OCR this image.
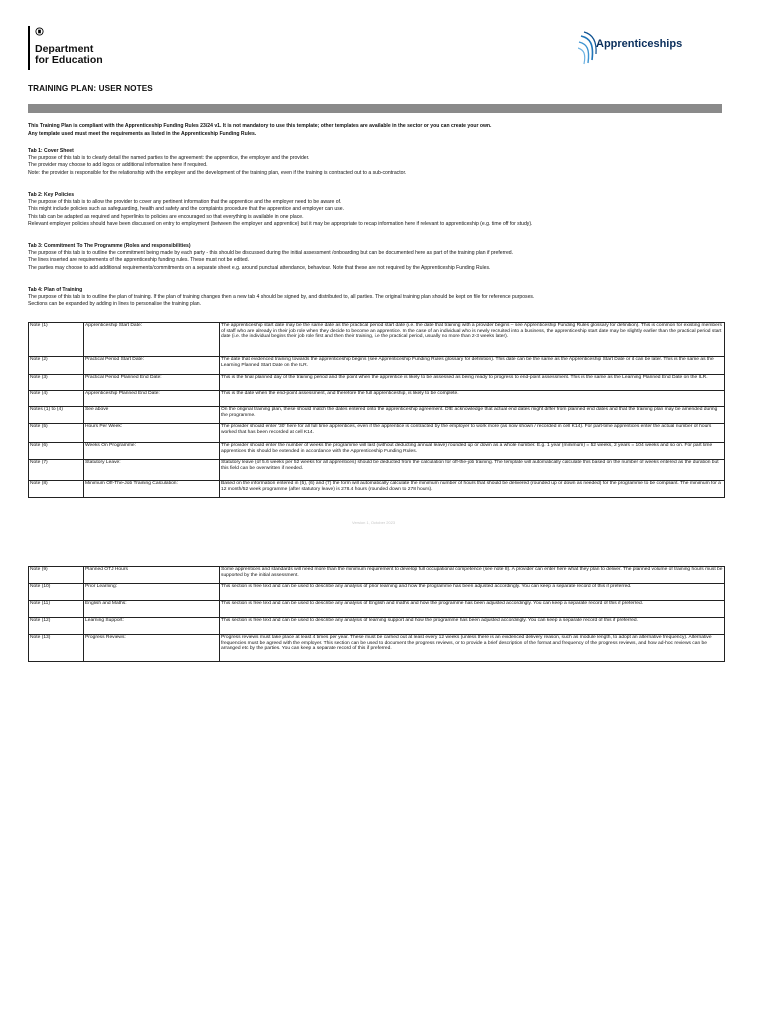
Department
for Education
Apprenticeships
TRAINING PLAN: USER NOTES
This Training Plan is compliant with the Apprenticeship Funding Rules 23/24 v1. It is not mandatory to use this template; other templates are available in the sector or you can create your own.
Any template used must meet the requirements as listed in the Apprenticeship Funding Rules.
Tab 1: Cover Sheet
The purpose of this tab is to clearly detail the named parties to the agreement: the apprentice, the employer and the provider.
The provider may choose to add logos or additional information here if required.
Note: the provider is responsible for the relationship with the employer and the development of the training plan, even if the training is contracted out to a sub-contractor.
Tab 2: Key Policies
The purpose of this tab is to allow the provider to cover any pertinent information that the apprentice and the employer need to be aware of.
This might include policies such as safeguarding, health and safety and the complaints procedure that the apprentice and employer can use.
This tab can be adapted as required and hyperlinks to policies are encouraged so that everything is available in one place.
Relevant employer policies should have been discussed on entry to employment (between the employer and apprentice) but it may be appropriate to recap information here if relevant to apprenticeship (e.g. time off for study).
Tab 3: Commitment To The Programme (Roles and responsibilities)
The purpose of this tab is to outline the commitment being made by each party - this should be discussed during the initial assessment /onboarding but can be documented here as part of the training plan if preferred.
The lines inserted are requirements of the apprenticeship funding rules. These must not be edited.
The parties may choose to add additional requirements/commitments on a separate sheet e.g. around punctual attendance, behaviour. Note that these are not required by the Apprenticeship Funding Rules.
Tab 4: Plan of Training
The purpose of this tab is to outline the plan of training. If the plan of training changes then a new tab 4 should be signed by, and distributed to, all parties. The original training plan should be kept on file for reference purposes.
Sections can be expanded by adding in lines to personalise the training plan.
Note (1)	Apprenticeship Start Date:	The apprenticeship start date may be the same date as the practical period start date (i.e. the date that training with a provider begins – see Apprenticeship Funding Rules glossary for definition). This is common for existing members of staff who are already in their job role when they decide to become an apprentice. In the case of an individual who is newly recruited into a business, the apprenticeship start date may be slightly earlier than the practical period start date (i.e. the individual begins their job role first and then their training, i.e the practical period, usually no more than 2-3 weeks later).
Note (2)	Practical Period Start Date:	The date that evidenced training towards the apprenticeship begins (see Apprenticeship Funding Rules glossary for definition). This date can be the same as the Apprenticeship Start Date or it can be later. This is the same as the Learning Planned Start Date on the ILR.
Note (3)	Practical Period Planned End Date:	This is the final planned day of the training period and the point when the apprentice is likely to be assessed as being ready to progress to end-point assessment. This is the same as the Learning Planned End Date on the ILR.
Note (4)	Apprenticeship Planned End Date:	This is the date when the end-point assessment, and therefore the full apprenticeship, is likely to be complete.
Notes (1) to (4)	See above	On the original training plan, these should match the dates entered onto the apprenticeship agreement. DfE acknowledge that actual end dates might differ from planned end dates and that the training plan may be amended during the programme.
Note (5)	Hours Per Week:	The provider should enter '30' here for all full time apprentices, even if the apprentice is contracted by the employer to work more (as now shown / recorded in cell K14). For part-time apprentices enter the actual number of hours worked that has been recorded at cell K14.
Note (6)	Weeks On Programme:	The provider should enter the number of weeks the programme will last (without deducting annual leave) rounded up or down as a whole number. E.g. 1 year (minimum) = 52 weeks, 2 years = 104 weeks and so on. For part time apprentices this should be extended in accordance with the Apprenticeship Funding Rules.
Note (7)	Statutory Leave:	Statutory leave (of 5.6 weeks per 52 weeks for all apprentices) should be deducted from the calculation for off-the-job training. The template will automatically calculate this based on the number of weeks entered as the duration but this field can be overwritten if needed.
Note (8)	Minimum Off-The-Job Training Calculation:	Based on the information entered in (5), (6) and (7) the form will automatically calculate the minimum number of hours that should be delivered (rounded up or down as needed) for the programme to be compliant. The minimum for a 12 month/52 week programme (after statutory leave) is 278.4 hours (rounded down to 278 hours).
Version 1, October 2023
Note (9)	Planned OTJ Hours	Some apprentices and standards will need more than the minimum requirement to develop full occupational competence (see note 8). A provider can enter here what they plan to deliver. The planned volume of training hours must be supported by the initial assessment.
Note (10)	Prior Learning:	This section is free text and can be used to describe any analysis of prior learning and how the programme has been adjusted accordingly. You can keep a separate record of this if preferred.
Note (11)	English and Maths:	This section is free text and can be used to describe any analysis of English and maths and how the programme has been adjusted accordingly. You can keep a separate record of this if preferred.
Note (12)	Learning Support:	This section is free text and can be used to describe any analysis of learning support and how the programme has been adjusted accordingly. You can keep a separate record of this if preferred.
Note (13)	Progress Reviews:	Progress reviews must take place at least 4 times per year. These must be carried out at least every 12 weeks (unless there is an evidenced delivery reason, such as module length, to adopt an alternative frequency). Alternative frequencies must be agreed with the employer. This section can be used to document the progress reviews, or to provide a brief description of the format and frequency of the progress reviews, and how ad-hoc reviews can be arranged etc by the parties. You can keep a separate record of this if preferred.
